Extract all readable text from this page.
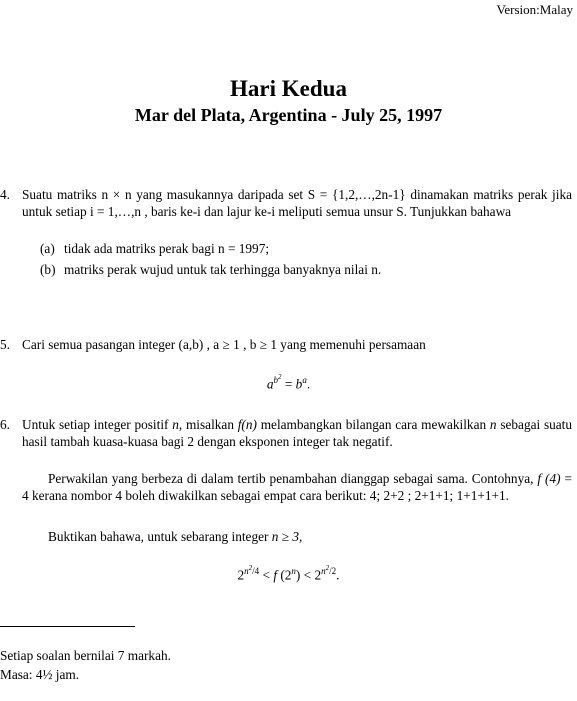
Version:Malay
Hari Kedua
Mar del Plata, Argentina - July 25, 1997
4. Suatu matriks n × n yang masukannya daripada set S = {1,2,…,2n-1} dinamakan matriks perak jika untuk setiap i = 1,…,n , baris ke-i dan lajur ke-i meliputi semua unsur S. Tunjukkan bahawa
(a) tidak ada matriks perak bagi n = 1997;
(b) matriks perak wujud untuk tak terhingga banyaknya nilai n.
5. Cari semua pasangan integer (a,b) , a ≥ 1 , b ≥ 1 yang memenuhi persamaan
$a^{b^2} = b^a$.
6. Untuk setiap integer positif n, misalkan f(n) melambangkan bilangan cara mewakilkan n sebagai suatu hasil tambah kuasa-kuasa bagi 2 dengan eksponen integer tak negatif.
Perwakilan yang berbeza di dalam tertib penambahan dianggap sebagai sama. Contohnya, f (4) = 4 kerana nombor 4 boleh diwakilkan sebagai empat cara berikut: 4; 2+2 ; 2+1+1; 1+1+1+1.
Buktikan bahawa, untuk sebarang integer n ≥ 3,
$2^{n^2/4} < f$ $(2^n) < 2^{n^2/2}$.
Setiap soalan bernilai 7 markah.
Masa: 4½ jam.
